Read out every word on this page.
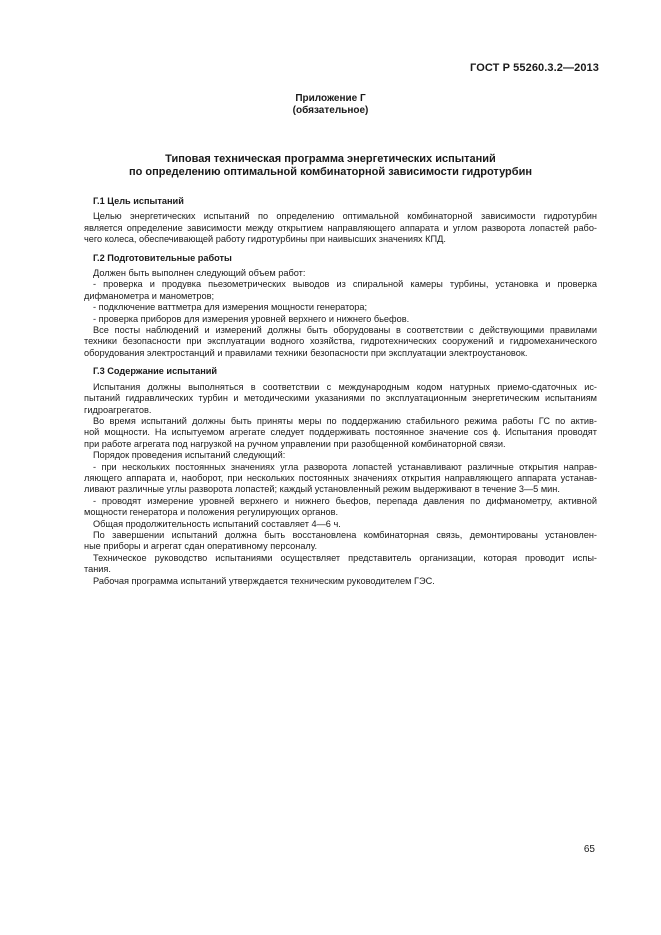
ГОСТ Р 55260.3.2—2013
Приложение Г
(обязательное)
Типовая техническая программа энергетических испытаний
по определению оптимальной комбинаторной зависимости гидротурбин
Г.1 Цель испытаний
Целью энергетических испытаний по определению оптимальной комбинаторной зависимости гидротурбин
является определение зависимости между открытием направляющего аппарата и углом разворота лопастей рабо-
чего колеса, обеспечивающей работу гидротурбины при наивысших значениях КПД.
Г.2 Подготовительные работы
Должен быть выполнен следующий объем работ:
- проверка и продувка пьезометрических выводов из спиральной камеры турбины, установка и проверка
дифманометра и манометров;
- подключение ваттметра для измерения мощности генератора;
- проверка приборов для измерения уровней верхнего и нижнего бьефов.
Все посты наблюдений и измерений должны быть оборудованы в соответствии с действующими правилами
техники безопасности при эксплуатации водного хозяйства, гидротехнических сооружений и гидромеханического
оборудования электростанций и правилами техники безопасности при эксплуатации электроустановок.
Г.3 Содержание испытаний
Испытания должны выполняться в соответствии с международным кодом натурных приемо-сдаточных ис-
пытаний гидравлических турбин и методическими указаниями по эксплуатационным энергетическим испытаниям
гидроагрегатов.
Во время испытаний должны быть приняты меры по поддержанию стабильного режима работы ГС по актив-
ной мощности. На испытуемом агрегате следует поддерживать постоянное значение cos ϕ. Испытания проводят
при работе агрегата под нагрузкой на ручном управлении при разобщенной комбинаторной связи.
Порядок проведения испытаний следующий:
- при нескольких постоянных значениях угла разворота лопастей устанавливают различные открытия направ-
ляющего аппарата и, наоборот, при нескольких постоянных значениях открытия направляющего аппарата устанав-
ливают различные углы разворота лопастей; каждый установленный режим выдерживают в течение 3—5 мин.
- проводят измерение уровней верхнего и нижнего бьефов, перепада давления по дифманометру, активной
мощности генератора и положения регулирующих органов.
Общая продолжительность испытаний составляет 4—6 ч.
По завершении испытаний должна быть восстановлена комбинаторная связь, демонтированы установлен-
ные приборы и агрегат сдан оперативному персоналу.
Техническое руководство испытаниями осуществляет представитель организации, которая проводит испы-
тания.
Рабочая программа испытаний утверждается техническим руководителем ГЭС.
65
